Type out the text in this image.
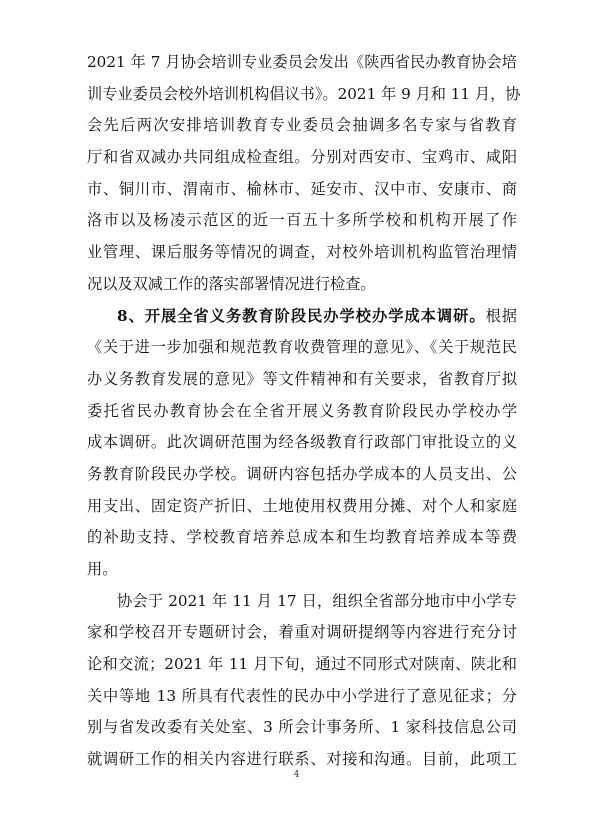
2021 年 7 月协会培训专业委员会发出《陕西省民办教育协会培
训专业委员会校外培训机构倡议书》。2021 年 9 月和 11 月，协
会先后两次安排培训教育专业委员会抽调多名专家与省教育
厅和省双减办共同组成检查组。分别对西安市、宝鸡市、咸阳
市、铜川市、渭南市、榆林市、延安市、汉中市、安康市、商
洛市以及杨凌示范区的近一百五十多所学校和机构开展了作
业管理、课后服务等情况的调查，对校外培训机构监管治理情
况以及双减工作的落实部署情况进行检查。
8、开展全省义务教育阶段民办学校办学成本调研。根据
《关于进一步加强和规范教育收费管理的意见》、《关于规范民
办义务教育发展的意见》等文件精神和有关要求，省教育厅拟
委托省民办教育协会在全省开展义务教育阶段民办学校办学
成本调研。此次调研范围为经各级教育行政部门审批设立的义
务教育阶段民办学校。调研内容包括办学成本的人员支出、公
用支出、固定资产折旧、土地使用权费用分摊、对个人和家庭
的补助支持、学校教育培养总成本和生均教育培养成本等费
用。
协会于 2021 年 11 月 17 日，组织全省部分地市中小学专
家和学校召开专题研讨会，着重对调研提纲等内容进行充分讨
论和交流；2021 年 11 月下旬，通过不同形式对陕南、陕北和
关中等地 13 所具有代表性的民办中小学进行了意见征求；分
别与省发改委有关处室、3 所会计事务所、1 家科技信息公司
就调研工作的相关内容进行联系、对接和沟通。目前，此项工
4
